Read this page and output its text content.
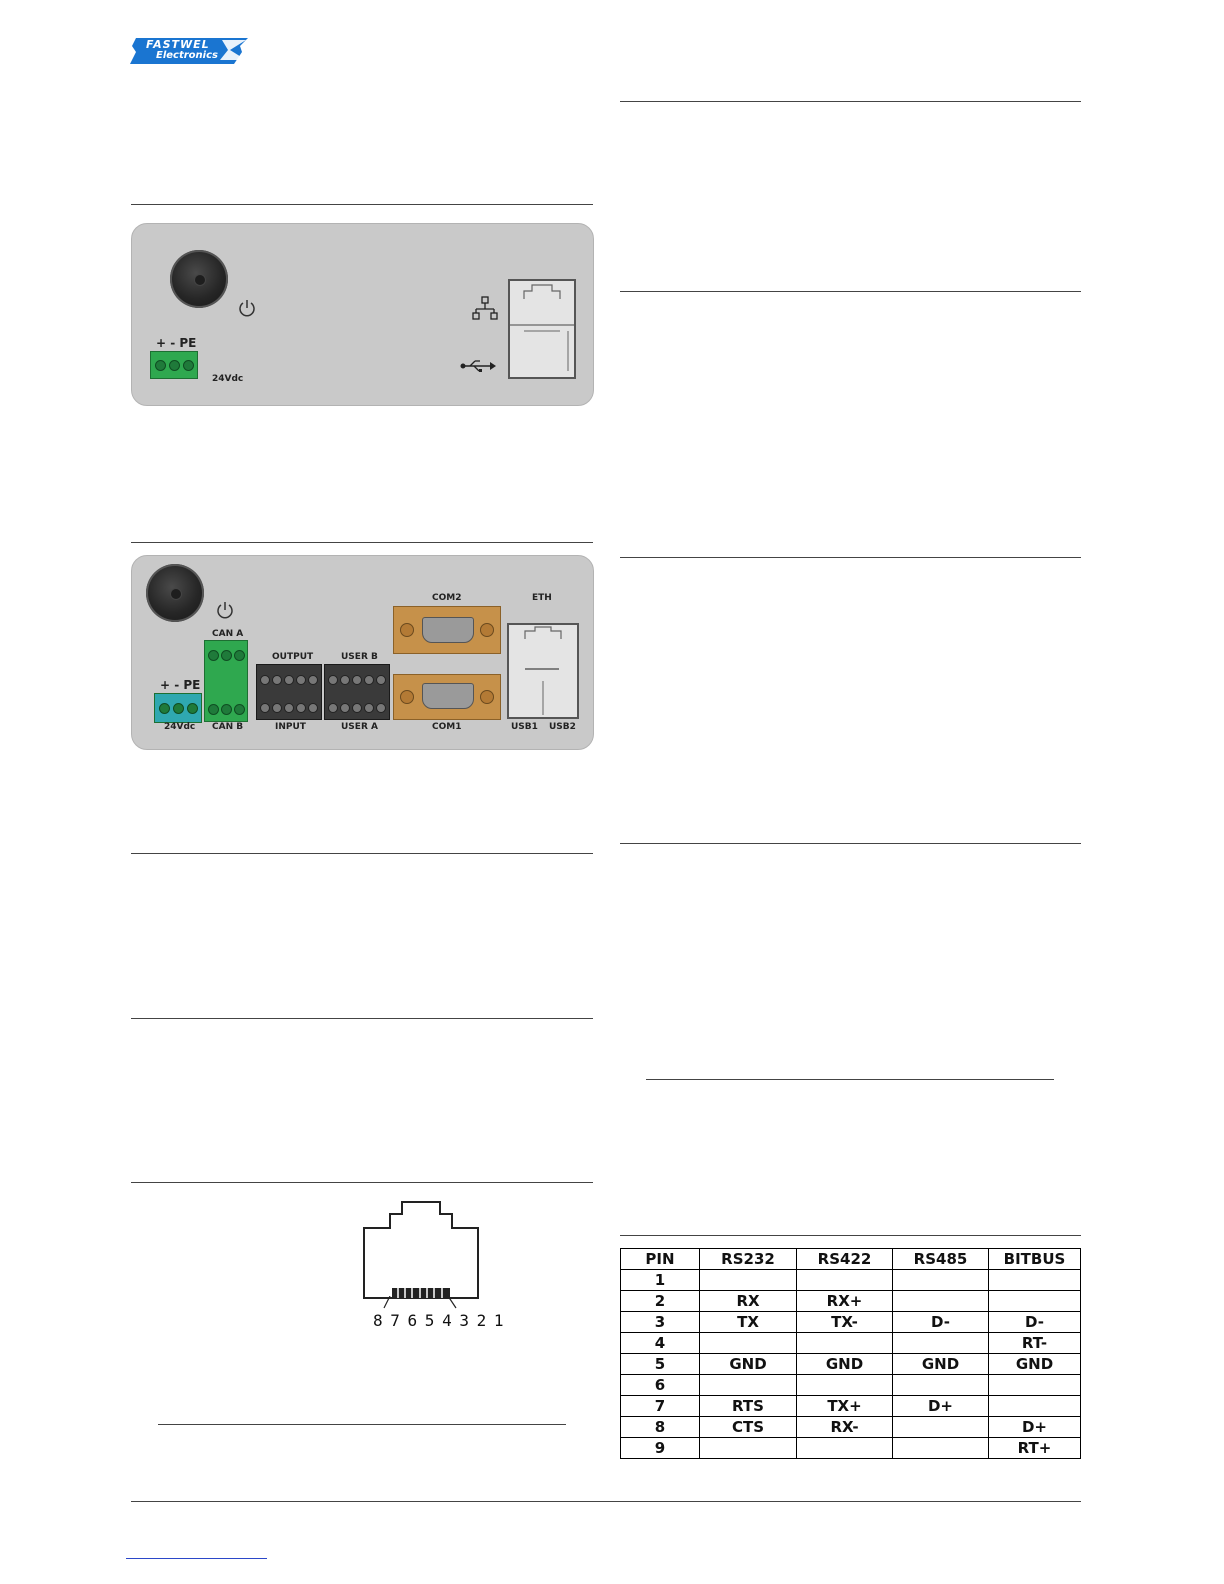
FASTWEL
Electronics
+ - PE
24Vdc
+ - PE
24Vdc
CAN A
CAN B
OUTPUT
INPUT
USER B
USER A
COM2
COM1
ETH
USB1 USB2
8 7 6 5 4 3 2 1
PIN	RS232	RS422	RS485	BITBUS
1				
2	RX	RX+		
3	TX	TX-	D-	D-
4				RT-
5	GND	GND	GND	GND
6				
7	RTS	TX+	D+	
8	CTS	RX-		D+
9				RT+
